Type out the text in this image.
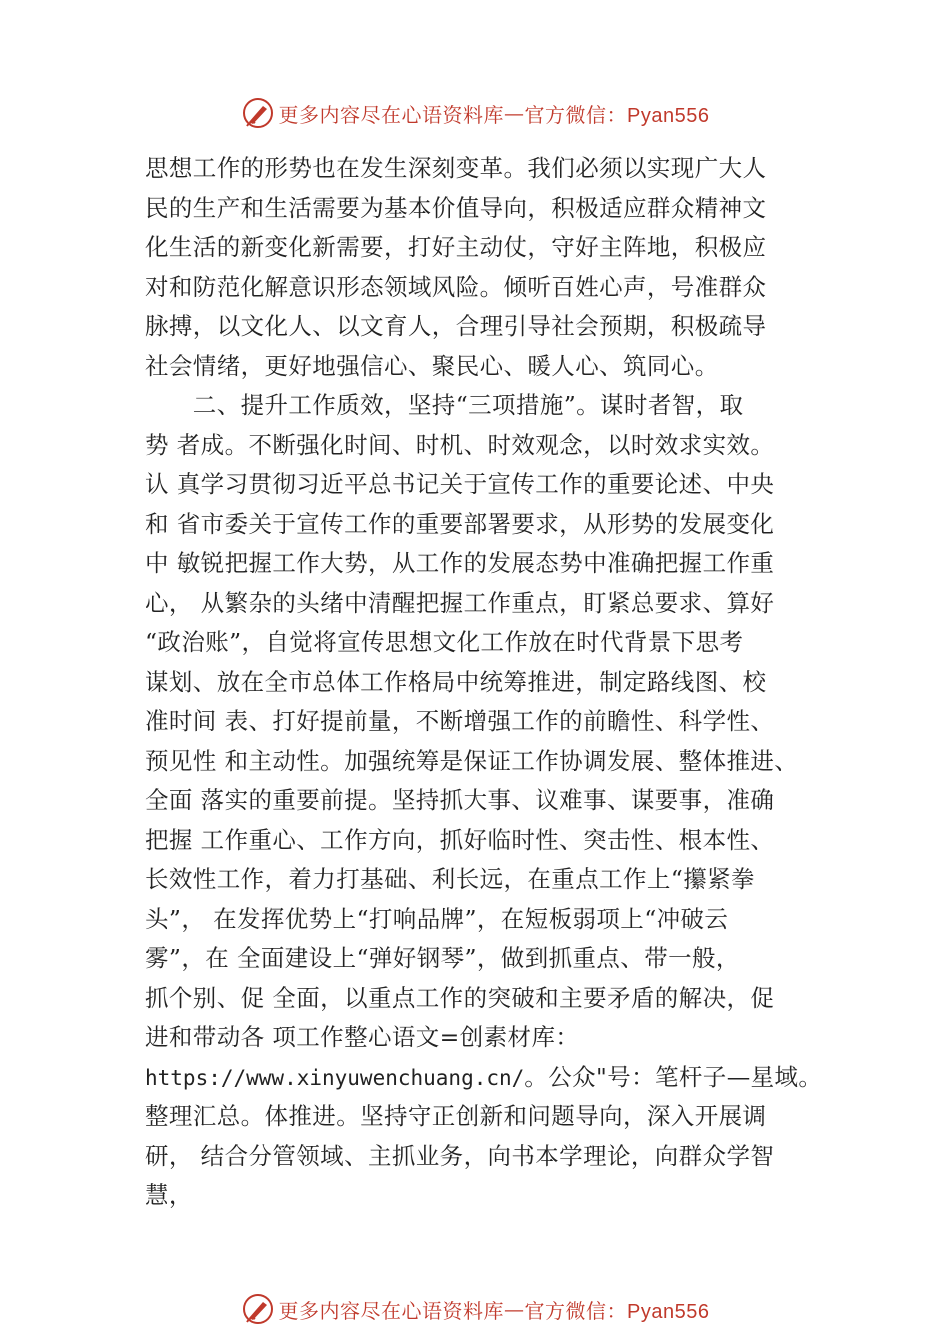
更多内容尽在心语资料库 — 官方微信：Pyan556
思想工作的形势也在发生深刻变革。我们必须以实现广大人
民的生产和生活需要为基本价值导向，积极适应群众精神文
化生活的新变化新需要，打好主动仗，守好主阵地，积极应
对和防范化解意识形态领域风险。倾听百姓心声，号准群众
脉搏，以文化人、以文育人，合理引导社会预期，积极疏导
社会情绪，更好地强信心、聚民心、暖人心、筑同心。
　　二、提升工作质效，坚持“三项措施”。谋时者智，取
势 者成。不断强化时间、时机、时效观念，以时效求实效。
认 真学习贯彻习近平总书记关于宣传工作的重要论述、中央
和 省市委关于宣传工作的重要部署要求，从形势的发展变化
中 敏锐把握工作大势，从工作的发展态势中准确把握工作重
心， 从繁杂的头绪中清醒把握工作重点，盯紧总要求、算好
“政治账”，自觉将宣传思想文化工作放在时代背景下思考
谋划、放在全市总体工作格局中统筹推进，制定路线图、校
准时间 表、打好提前量，不断增强工作的前瞻性、科学性、
预见性 和主动性。加强统筹是保证工作协调发展、整体推进、
全面 落实的重要前提。坚持抓大事、议难事、谋要事，准确
把握 工作重心、工作方向，抓好临时性、突击性、根本性、
长效性工作，着力打基础、利长远，在重点工作上“攥紧拳
头”， 在发挥优势上“打响品牌”，在短板弱项上“冲破云
雾”，在 全面建设上“弹好钢琴”，做到抓重点、带一般，
抓个别、促 全面，以重点工作的突破和主要矛盾的解决，促
进和带动各 项工作整心语文=创素材库：
https://www.xinyuwenchuang.cn/。公众"号：笔杆子—星域。
整理汇总。体推进。坚持守正创新和问题导向，深入开展调
研， 结合分管领域、主抓业务，向书本学理论，向群众学智
慧，
更多内容尽在心语资料库 — 官方微信：Pyan556
